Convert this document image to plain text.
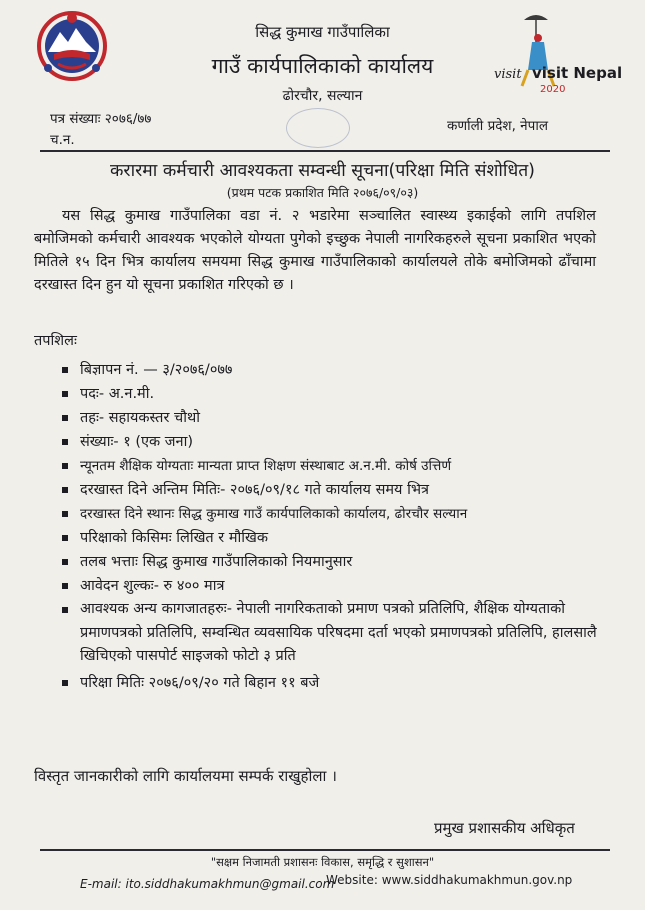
visit visit Nepal
2020
सिद्ध कुमाख गाउँपालिका
गाउँ कार्यपालिकाको कार्यालय
ढोरचौर, सल्यान
पत्र संख्याः २०७६/७७
च.न.
कर्णाली प्रदेश, नेपाल
करारमा कर्मचारी आवश्यकता सम्वन्धी सूचना(परिक्षा मिति संशोधित)
(प्रथम पटक प्रकाशित मिति २०७६/०९/०३)
यस सिद्ध कुमाख गाउँपालिका वडा नं. २ भडारेमा सञ्चालित स्वास्थ्य इकाईको लागि तपशिल बमोजिमको कर्मचारी आवश्यक भएकोले योग्यता पुगेको इच्छुक नेपाली नागरिकहरुले सूचना प्रकाशित भएको मितिले १५ दिन भित्र कार्यालय समयमा सिद्ध कुमाख गाउँपालिकाको कार्यालयले तोके बमोजिमको ढाँचामा दरखास्त दिन हुन यो सूचना प्रकाशित गरिएको छ ।
तपशिलः
बिज्ञापन नं. — ३/२०७६/०७७
पदः- अ.न.मी.
तहः- सहायकस्तर चौथो
संख्याः- १ (एक जना)
न्यूनतम शैक्षिक योग्यताः मान्यता प्राप्त शिक्षण संस्थाबाट अ.न.मी. कोर्ष उत्तिर्ण
दरखास्त दिने अन्तिम मितिः- २०७६/०९/१८ गते कार्यालय समय भित्र
दरखास्त दिने स्थानः सिद्ध कुमाख गाउँ कार्यपालिकाको कार्यालय, ढोरचौर सल्यान
परिक्षाको किसिमः लिखित र मौखिक
तलब भत्ताः सिद्ध कुमाख गाउँपालिकाको नियमानुसार
आवेदन शुल्कः- रु ४०० मात्र
आवश्यक अन्य कागजातहरुः- नेपाली नागरिकताको प्रमाण पत्रको प्रतिलिपि, शैक्षिक योग्यताको प्रमाणपत्रको प्रतिलिपि, सम्वन्धित व्यवसायिक परिषदमा दर्ता भएको प्रमाणपत्रको प्रतिलिपि, हालसालै खिचिएको पासपोर्ट साइजको फोटो ३ प्रति
परिक्षा मितिः २०७६/०९/२० गते बिहान ११ बजे
विस्तृत जानकारीको लागि कार्यालयमा सम्पर्क राखुहोला ।
प्रमुख प्रशासकीय अधिकृत
"सक्षम निजामती प्रशासनः विकास, समृद्धि र सुशासन"
E-mail: ito.siddhakumakhmun@gmail.com
Website: www.siddhakumakhmun.gov.np
